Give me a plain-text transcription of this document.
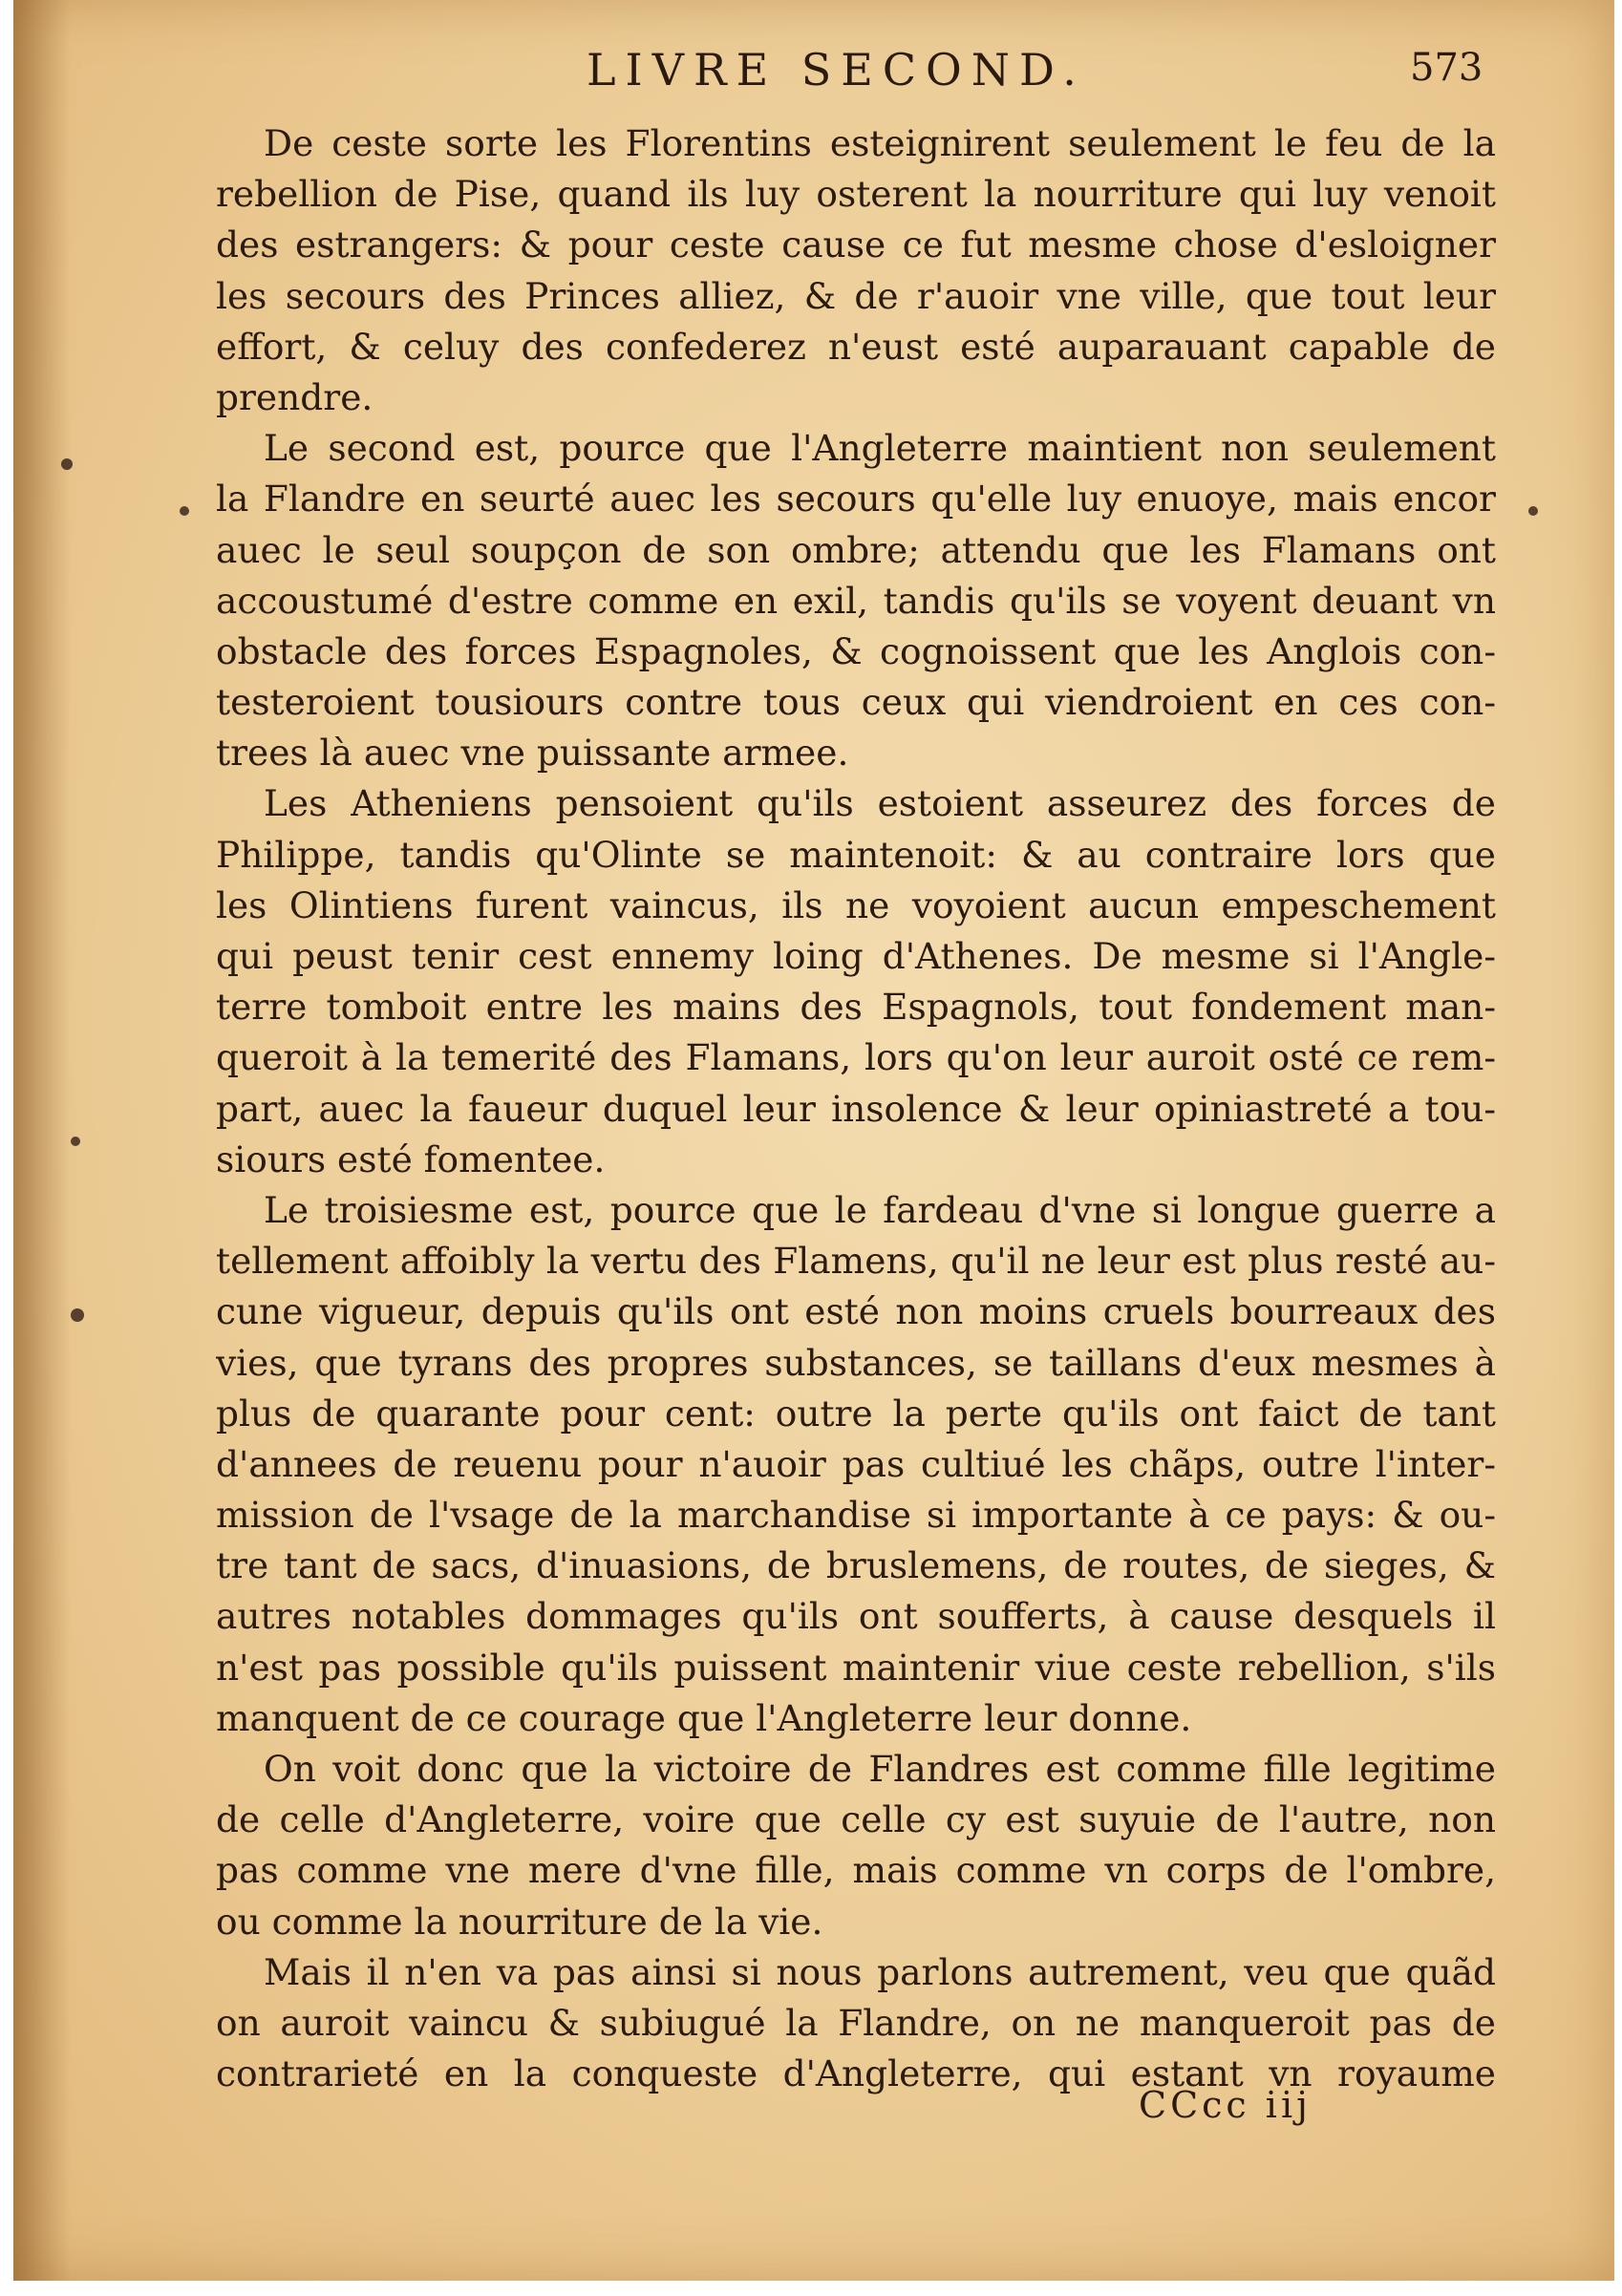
LIVRE SECOND.	573
De ceste sorte les Florentins esteignirent seulement le feu de la
rebellion de Pise, quand ils luy osterent la nourriture qui luy venoit
des estrangers: & pour ceste cause ce fut mesme chose d'esloigner
les secours des Princes alliez, & de r'auoir vne ville, que tout leur
effort, & celuy des confederez n'eust esté auparauant capable de
prendre.
Le second est, pource que l'Angleterre maintient non seulement
la Flandre en seurté auec les secours qu'elle luy enuoye, mais encor
auec le seul soupçon de son ombre; attendu que les Flamans ont
accoustumé d'estre comme en exil, tandis qu'ils se voyent deuant vn
obstacle des forces Espagnoles, & cognoissent que les Anglois con-
testeroient tousiours contre tous ceux qui viendroient en ces con-
trees là auec vne puissante armee.
Les Atheniens pensoient qu'ils estoient asseurez des forces de
Philippe, tandis qu'Olinte se maintenoit: & au contraire lors que
les Olintiens furent vaincus, ils ne voyoient aucun empeschement
qui peust tenir cest ennemy loing d'Athenes. De mesme si l'Angle-
terre tomboit entre les mains des Espagnols, tout fondement man-
queroit à la temerité des Flamans, lors qu'on leur auroit osté ce rem-
part, auec la faueur duquel leur insolence & leur opiniastreté a tou-
siours esté fomentee.
Le troisiesme est, pource que le fardeau d'vne si longue guerre a
tellement affoibly la vertu des Flamens, qu'il ne leur est plus resté au-
cune vigueur, depuis qu'ils ont esté non moins cruels bourreaux des
vies, que tyrans des propres substances, se taillans d'eux mesmes à
plus de quarante pour cent: outre la perte qu'ils ont faict de tant
d'annees de reuenu pour n'auoir pas cultiué les chãps, outre l'inter-
mission de l'vsage de la marchandise si importante à ce pays: & ou-
tre tant de sacs, d'inuasions, de bruslemens, de routes, de sieges, &
autres notables dommages qu'ils ont soufferts, à cause desquels il
n'est pas possible qu'ils puissent maintenir viue ceste rebellion, s'ils
manquent de ce courage que l'Angleterre leur donne.
On voit donc que la victoire de Flandres est comme fille legitime
de celle d'Angleterre, voire que celle cy est suyuie de l'autre, non
pas comme vne mere d'vne fille, mais comme vn corps de l'ombre,
ou comme la nourriture de la vie.
Mais il n'en va pas ainsi si nous parlons autrement, veu que quãd
on auroit vaincu & subiugué la Flandre, on ne manqueroit pas de
contrarieté en la conqueste d'Angleterre, qui estant vn royaume
CCcc iij
